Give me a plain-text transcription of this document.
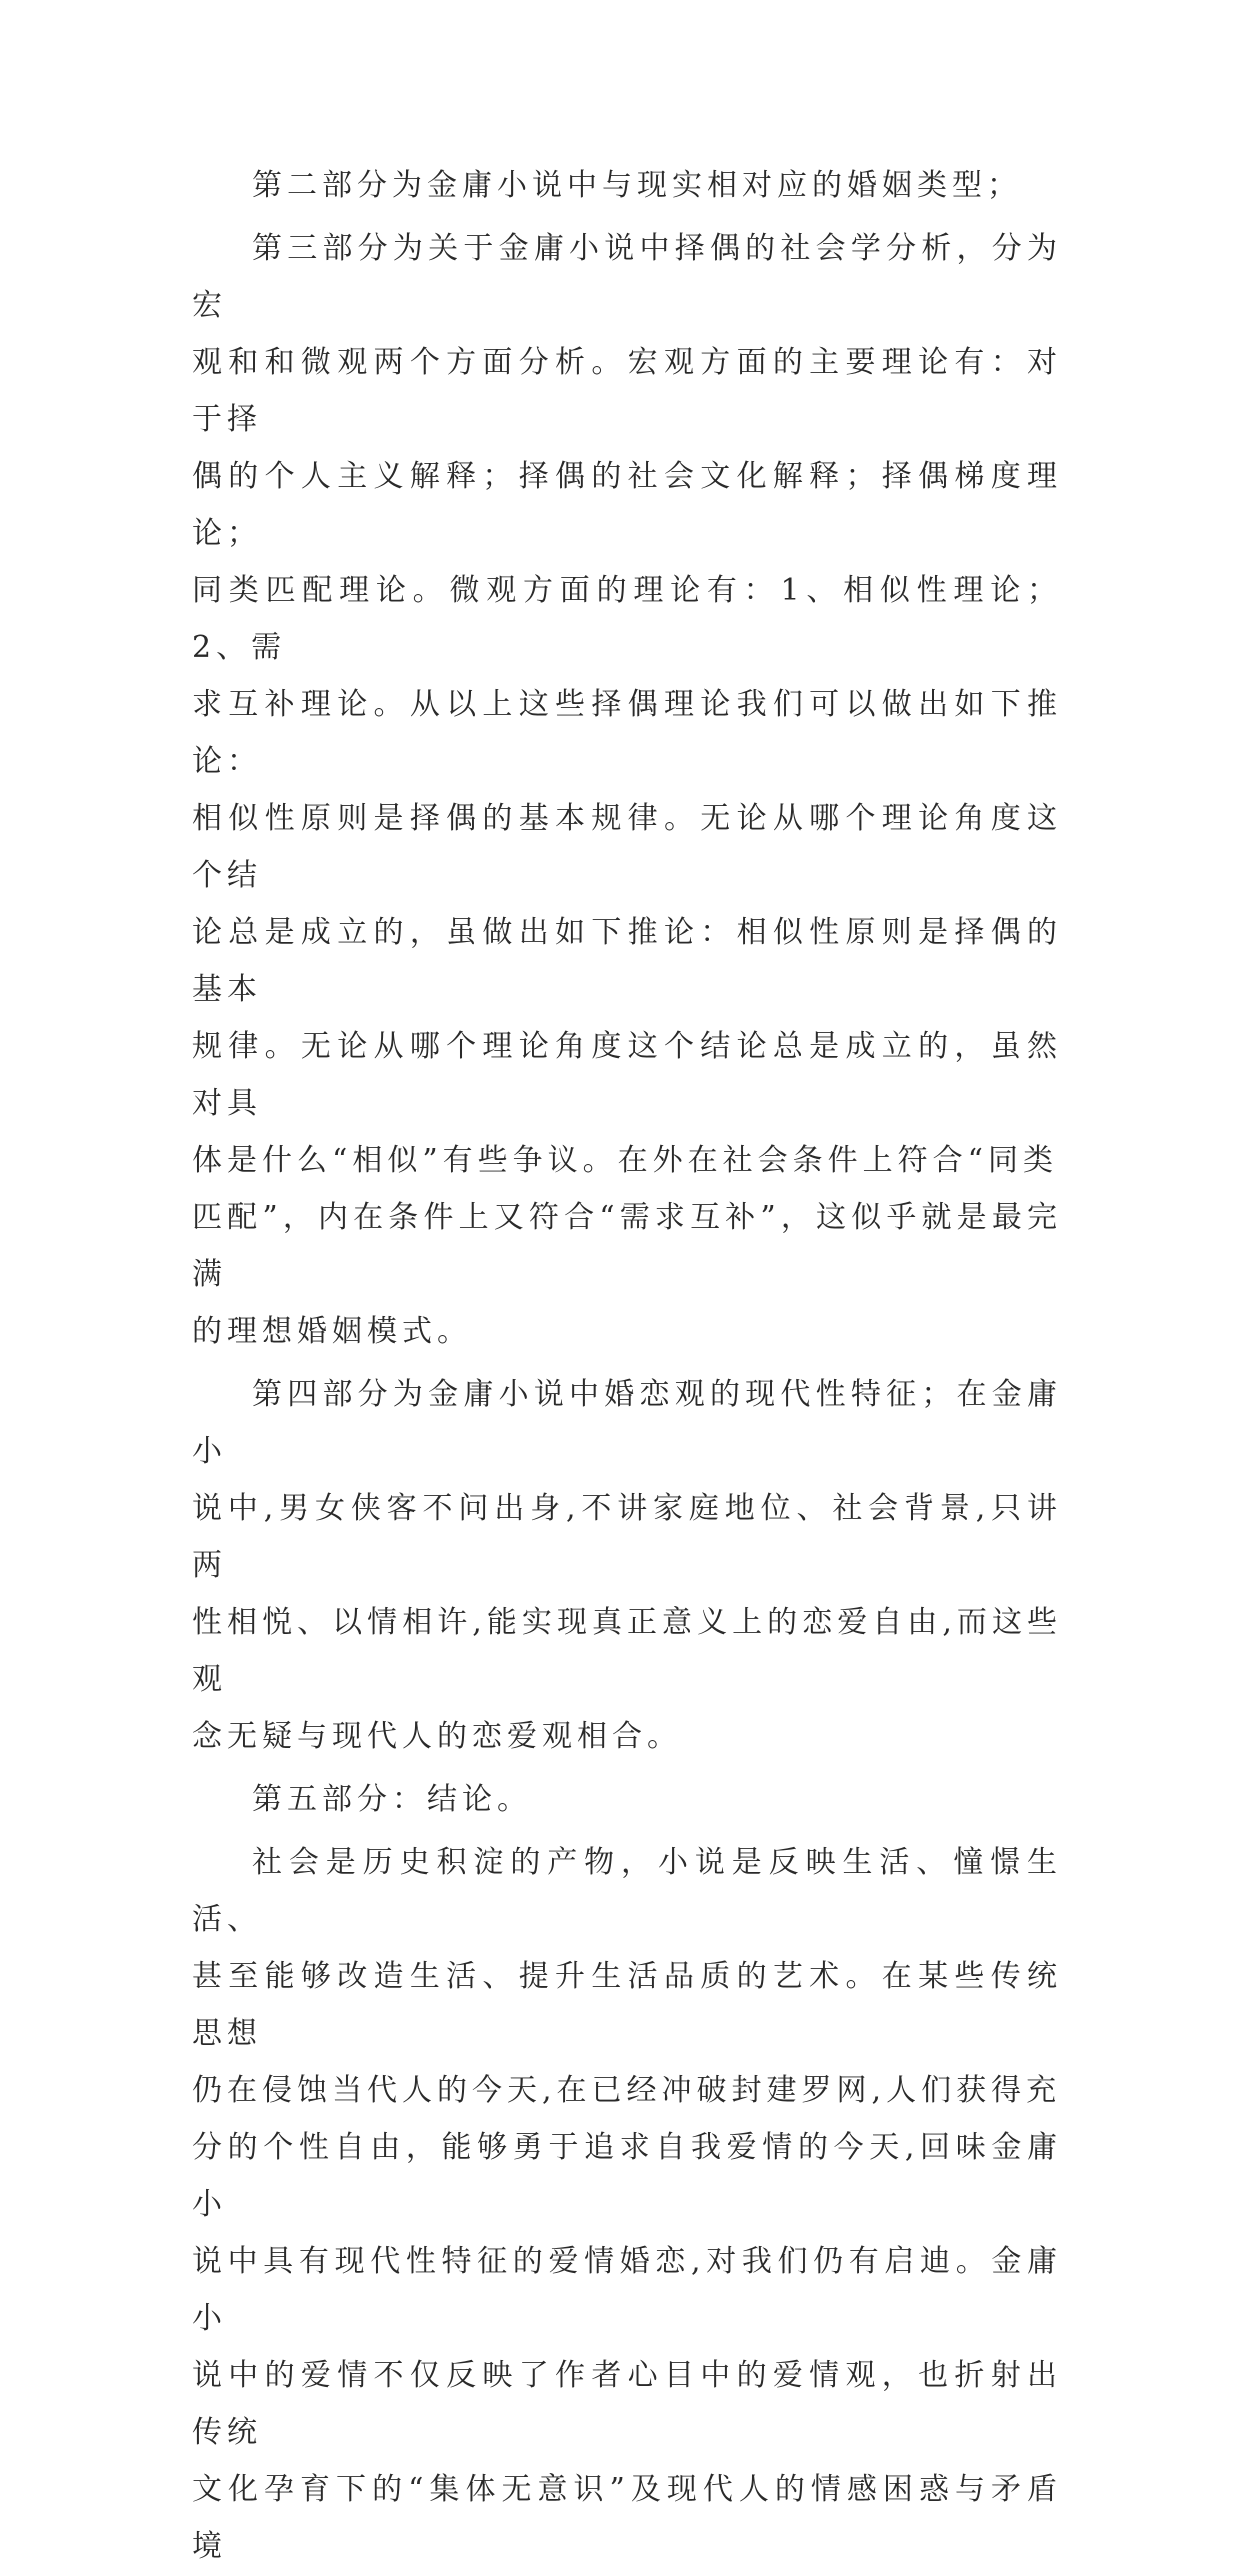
第二部分为金庸小说中与现实相对应的婚姻类型；

第三部分为关于金庸小说中择偶的社会学分析，分为宏
观和和微观两个方面分析。宏观方面的主要理论有：对于择
偶的个人主义解释；择偶的社会文化解释；择偶梯度理论；
同类匹配理论。微观方面的理论有：1、相似性理论；2、需
求互补理论。从以上这些择偶理论我们可以做出如下推论：
相似性原则是择偶的基本规律。无论从哪个理论角度这个结
论总是成立的，虽做出如下推论：相似性原则是择偶的基本
规律。无论从哪个理论角度这个结论总是成立的，虽然对具
体是什么“相似”有些争议。在外在社会条件上符合“同类
匹配”，内在条件上又符合“需求互补”，这似乎就是最完满
的理想婚姻模式。

第四部分为金庸小说中婚恋观的现代性特征；在金庸小
说中,男女侠客不问出身,不讲家庭地位、社会背景,只讲两
性相悦、以情相许,能实现真正意义上的恋爱自由,而这些观
念无疑与现代人的恋爱观相合。

第五部分：结论。

社会是历史积淀的产物，小说是反映生活、憧憬生活、
甚至能够改造生活、提升生活品质的艺术。在某些传统思想
仍在侵蚀当代人的今天,在已经冲破封建罗网,人们获得充
分的个性自由，能够勇于追求自我爱情的今天,回味金庸小
说中具有现代性特征的爱情婚恋,对我们仍有启迪。金庸小
说中的爱情不仅反映了作者心目中的爱情观，也折射出传统
文化孕育下的“集体无意识”及现代人的情感困惑与矛盾境
